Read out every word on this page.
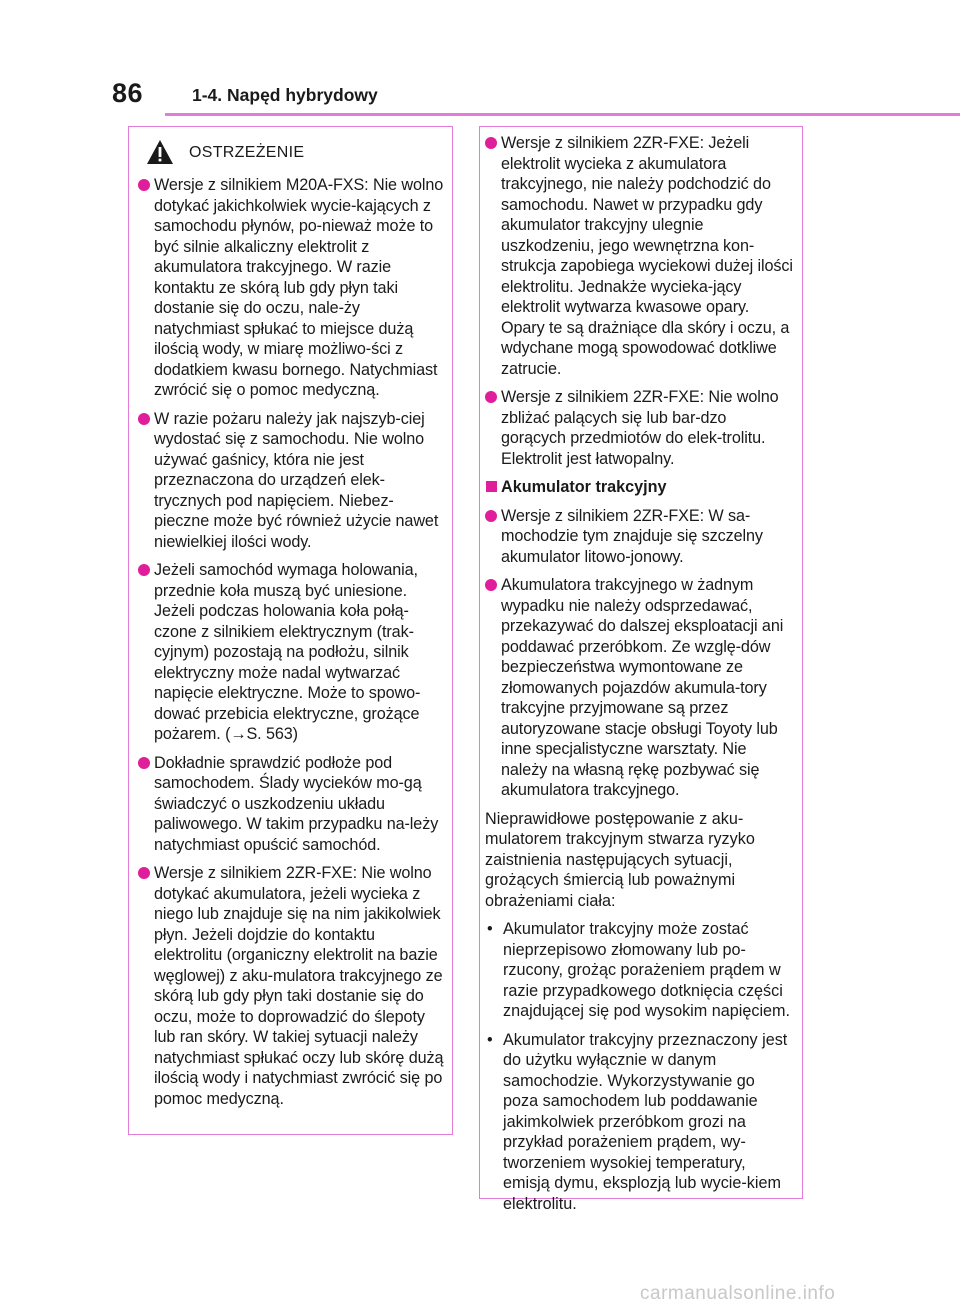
86	1-4. Napęd hybrydowy
OSTRZEŻENIE
Wersje z silnikiem M20A-FXS: Nie wolno dotykać jakichkolwiek wycie-kających z samochodu płynów, po-nieważ może to być silnie alkaliczny elektrolit z akumulatora trakcyjnego. W razie kontaktu ze skórą lub gdy płyn taki dostanie się do oczu, nale-ży natychmiast spłukać to miejsce dużą ilością wody, w miarę możliwo-ści z dodatkiem kwasu bornego. Natychmiast zwrócić się o pomoc medyczną.
W razie pożaru należy jak najszyb-ciej wydostać się z samochodu. Nie wolno używać gaśnicy, która nie jest przeznaczona do urządzeń elek-trycznych pod napięciem. Niebez-pieczne może być również użycie nawet niewielkiej ilości wody.
Jeżeli samochód wymaga holowania, przednie koła muszą być uniesione. Jeżeli podczas holowania koła połą-czone z silnikiem elektrycznym (trak-cyjnym) pozostają na podłożu, silnik elektryczny może nadal wytwarzać napięcie elektryczne. Może to spowo-dować przebicia elektryczne, grożące pożarem. (→S. 563)
Dokładnie sprawdzić podłoże pod samochodem. Ślady wycieków mo-gą świadczyć o uszkodzeniu układu paliwowego. W takim przypadku na-leży natychmiast opuścić samochód.
Wersje z silnikiem 2ZR-FXE: Nie wolno dotykać akumulatora, jeżeli wycieka z niego lub znajduje się na nim jakikolwiek płyn. Jeżeli dojdzie do kontaktu elektrolitu (organiczny elektrolit na bazie węglowej) z aku-mulatora trakcyjnego ze skórą lub gdy płyn taki dostanie się do oczu, może to doprowadzić do ślepoty lub ran skóry. W takiej sytuacji należy natychmiast spłukać oczy lub skórę dużą ilością wody i natychmiast zwrócić się po pomoc medyczną.
Wersje z silnikiem 2ZR-FXE: Jeżeli elektrolit wycieka z akumulatora trakcyjnego, nie należy podchodzić do samochodu. Nawet w przypadku gdy akumulator trakcyjny ulegnie uszkodzeniu, jego wewnętrzna kon-strukcja zapobiega wyciekowi dużej ilości elektrolitu. Jednakże wycieka-jący elektrolit wytwarza kwasowe opary. Opary te są drażniące dla skóry i oczu, a wdychane mogą spowodować dotkliwe zatrucie.
Wersje z silnikiem 2ZR-FXE: Nie wolno zbliżać palących się lub bar-dzo gorących przedmiotów do elek-trolitu. Elektrolit jest łatwopalny.
Akumulator trakcyjny
Wersje z silnikiem 2ZR-FXE: W sa-mochodzie tym znajduje się szczelny akumulator litowo-jonowy.
Akumulatora trakcyjnego w żadnym wypadku nie należy odsprzedawać, przekazywać do dalszej eksploatacji ani poddawać przeróbkom. Ze wzglę-dów bezpieczeństwa wymontowane ze złomowanych pojazdów akumula-tory trakcyjne przyjmowane są przez autoryzowane stacje obsługi Toyoty lub inne specjalistyczne warsztaty. Nie należy na własną rękę pozbywać się akumulatora trakcyjnego.
Nieprawidłowe postępowanie z aku-mulatorem trakcyjnym stwarza ryzyko zaistnienia następujących sytuacji, grożących śmiercią lub poważnymi obrażeniami ciała:
• Akumulator trakcyjny może zostać nieprzepisowo złomowany lub po-rzucony, grożąc porażeniem prądem w razie przypadkowego dotknięcia części znajdującej się pod wysokim napięciem.
• Akumulator trakcyjny przeznaczony jest do użytku wyłącznie w danym samochodzie. Wykorzystywanie go poza samochodem lub poddawanie jakimkolwiek przeróbkom grozi na przykład porażeniem prądem, wy-tworzeniem wysokiej temperatury, emisją dymu, eksplozją lub wycie-kiem elektrolitu.
carmanualsonline.info
